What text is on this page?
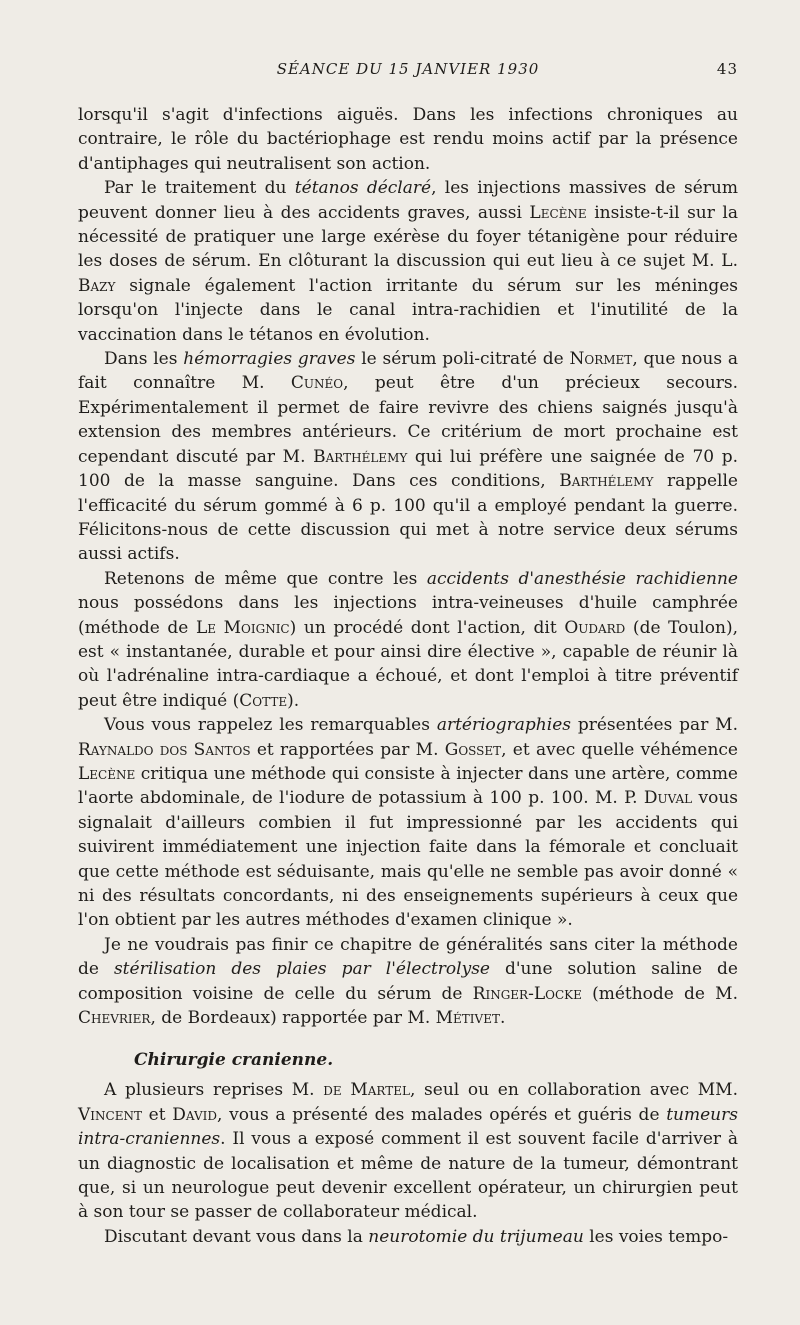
SÉANCE DU 15 JANVIER 1930	43

lorsqu'il s'agit d'infections aiguës. Dans les infections chroniques au contraire, le rôle du bactériophage est rendu moins actif par la présence d'antiphages qui neutralisent son action.

Par le traitement du tétanos déclaré, les injections massives de sérum peuvent donner lieu à des accidents graves, aussi Lecène insiste-t-il sur la nécessité de pratiquer une large exérèse du foyer tétanigène pour réduire les doses de sérum. En clôturant la discussion qui eut lieu à ce sujet M. L. Bazy signale également l'action irritante du sérum sur les méninges lorsqu'on l'injecte dans le canal intra-rachidien et l'inutilité de la vaccination dans le tétanos en évolution.

Dans les hémorragies graves le sérum poli-citraté de Normet, que nous a fait connaître M. Cunéo, peut être d'un précieux secours. Expérimentalement il permet de faire revivre des chiens saignés jusqu'à extension des membres antérieurs. Ce critérium de mort prochaine est cependant discuté par M. Barthélemy qui lui préfère une saignée de 70 p. 100 de la masse sanguine. Dans ces conditions, Barthélemy rappelle l'efficacité du sérum gommé à 6 p. 100 qu'il a employé pendant la guerre. Félicitons-nous de cette discussion qui met à notre service deux sérums aussi actifs.

Retenons de même que contre les accidents d'anesthésie rachidienne nous possédons dans les injections intra-veineuses d'huile camphrée (méthode de Le Moignic) un procédé dont l'action, dit Oudard (de Toulon), est « instantanée, durable et pour ainsi dire élective », capable de réunir là où l'adrénaline intra-cardiaque a échoué, et dont l'emploi à titre préventif peut être indiqué (Cotte).

Vous vous rappelez les remarquables artériographies présentées par M. Raynaldo dos Santos et rapportées par M. Gosset, et avec quelle véhémence Lecène critiqua une méthode qui consiste à injecter dans une artère, comme l'aorte abdominale, de l'iodure de potassium à 100 p. 100. M. P. Duval vous signalait d'ailleurs combien il fut impressionné par les accidents qui suivirent immédiatement une injection faite dans la fémorale et concluait que cette méthode est séduisante, mais qu'elle ne semble pas avoir donné « ni des résultats concordants, ni des enseignements supérieurs à ceux que l'on obtient par les autres méthodes d'examen clinique ».

Je ne voudrais pas finir ce chapitre de généralités sans citer la méthode de stérilisation des plaies par l'électrolyse d'une solution saline de composition voisine de celle du sérum de Ringer-Locke (méthode de M. Chevrier, de Bordeaux) rapportée par M. Métivet.

Chirurgie cranienne.

A plusieurs reprises M. de Martel, seul ou en collaboration avec MM. Vincent et David, vous a présenté des malades opérés et guéris de tumeurs intra-craniennes. Il vous a exposé comment il est souvent facile d'arriver à un diagnostic de localisation et même de nature de la tumeur, démontrant que, si un neurologue peut devenir excellent opérateur, un chirurgien peut à son tour se passer de collaborateur médical.

Discutant devant vous dans la neurotomie du trijumeau les voies tempo-
